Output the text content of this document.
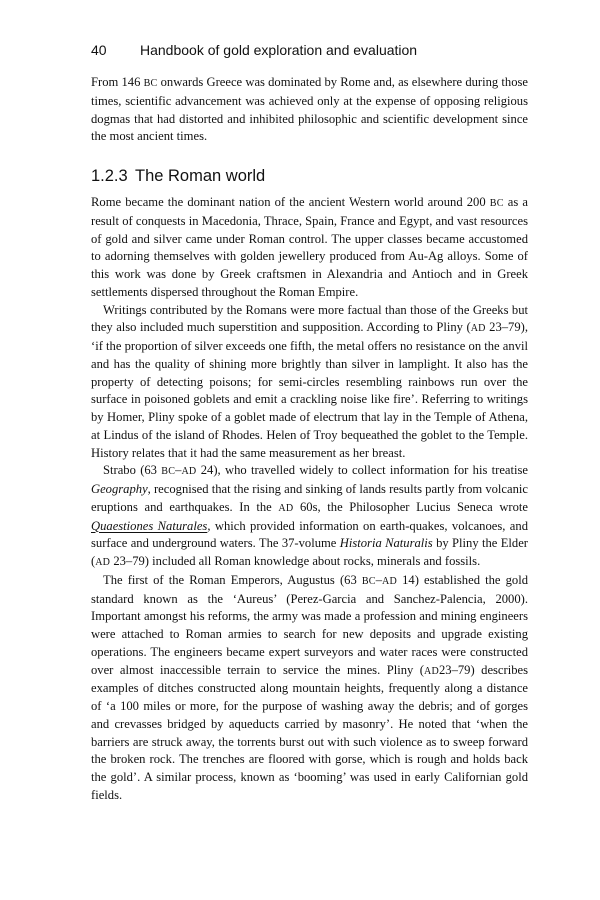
40 Handbook of gold exploration and evaluation

From 146 BC onwards Greece was dominated by Rome and, as elsewhere during those times, scientific advancement was achieved only at the expense of opposing religious dogmas that had distorted and inhibited philosophic and scientific development since the most ancient times.

1.2.3 The Roman world

Rome became the dominant nation of the ancient Western world around 200 BC as a result of conquests in Macedonia, Thrace, Spain, France and Egypt, and vast resources of gold and silver came under Roman control. The upper classes became accustomed to adorning themselves with golden jewellery produced from Au-Ag alloys. Some of this work was done by Greek craftsmen in Alexandria and Antioch and in Greek settlements dispersed throughout the Roman Empire.

Writings contributed by the Romans were more factual than those of the Greeks but they also included much superstition and supposition. According to Pliny (AD 23–79), ‘if the proportion of silver exceeds one fifth, the metal offers no resistance on the anvil and has the quality of shining more brightly than silver in lamplight. It also has the property of detecting poisons; for semi-circles resembling rainbows run over the surface in poisoned goblets and emit a crackling noise like fire’. Referring to writings by Homer, Pliny spoke of a goblet made of electrum that lay in the Temple of Athena, at Lindus of the island of Rhodes. Helen of Troy bequeathed the goblet to the Temple. History relates that it had the same measurement as her breast.

Strabo (63 BC–AD 24), who travelled widely to collect information for his treatise Geography, recognised that the rising and sinking of lands results partly from volcanic eruptions and earthquakes. In the AD 60s, the Philosopher Lucius Seneca wrote Quaestiones Naturales, which provided information on earth-quakes, volcanoes, and surface and underground waters. The 37-volume Historia Naturalis by Pliny the Elder (AD 23–79) included all Roman knowledge about rocks, minerals and fossils.

The first of the Roman Emperors, Augustus (63 BC–AD 14) established the gold standard known as the ‘Aureus’ (Perez-Garcia and Sanchez-Palencia, 2000). Important amongst his reforms, the army was made a profession and mining engineers were attached to Roman armies to search for new deposits and upgrade existing operations. The engineers became expert surveyors and water races were constructed over almost inaccessible terrain to service the mines. Pliny (AD23–79) describes examples of ditches constructed along mountain heights, frequently along a distance of ‘a 100 miles or more, for the purpose of washing away the debris; and of gorges and crevasses bridged by aqueducts carried by masonry’. He noted that ‘when the barriers are struck away, the torrents burst out with such violence as to sweep forward the broken rock. The trenches are floored with gorse, which is rough and holds back the gold’. A similar process, known as ‘booming’ was used in early Californian gold fields.
